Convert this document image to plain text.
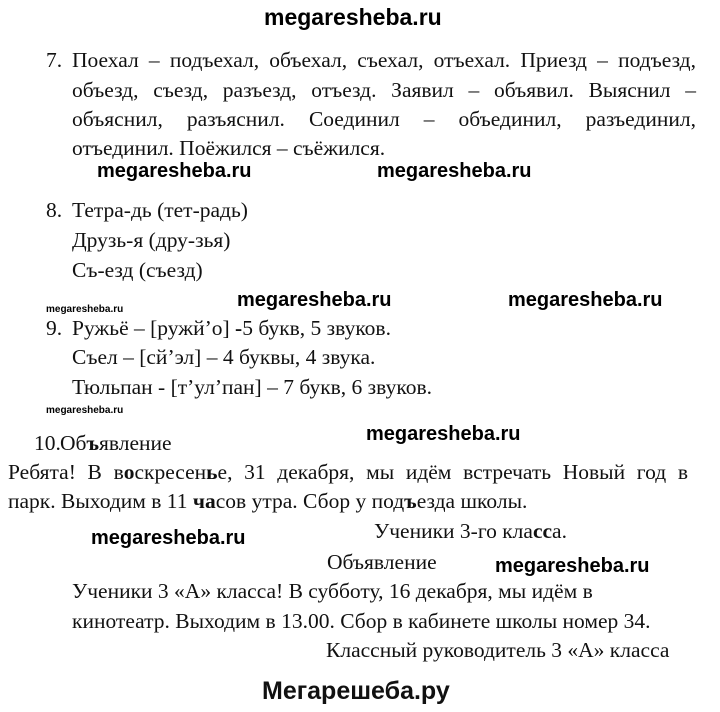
megaresheba.ru
7. Поехал – подъехал, объехал, съехал, отъехал. Приезд – подъезд,
объезд, съезд, разъезд, отъезд. Заявил – объявил. Выяснил –
объяснил, разъяснил. Соединил – объединил, разъединил,
отъединил. Поёжился – съёжился.
megaresheba.ru	megaresheba.ru
8. Тетра-дь (тет-радь)
Друзь-я (дру-зья)
Съ-езд (съезд)
megaresheba.ru	megaresheba.ru	megaresheba.ru
9. Ружьё – [ружй’о] -5 букв, 5 звуков.
Съел – [сй’эл] – 4 буквы, 4 звука.
Тюльпан - [т’ул’пан] – 7 букв, 6 звуков.
megaresheba.ru
10. Объявление	megaresheba.ru
Ребята! В воскресенье, 31 декабря, мы идём встречать Новый год в
парк. Выходим в 11 часов утра. Сбор у подъезда школы.
Ученики 3-го класса.
megaresheba.ru
Объявление	megaresheba.ru
Ученики 3 «А» класса! В субботу, 16 декабря, мы идём в
кинотеатр. Выходим в 13.00. Сбор в кабинете школы номер 34.
Классный руководитель 3 «А» класса
Мегарешеба.ру
